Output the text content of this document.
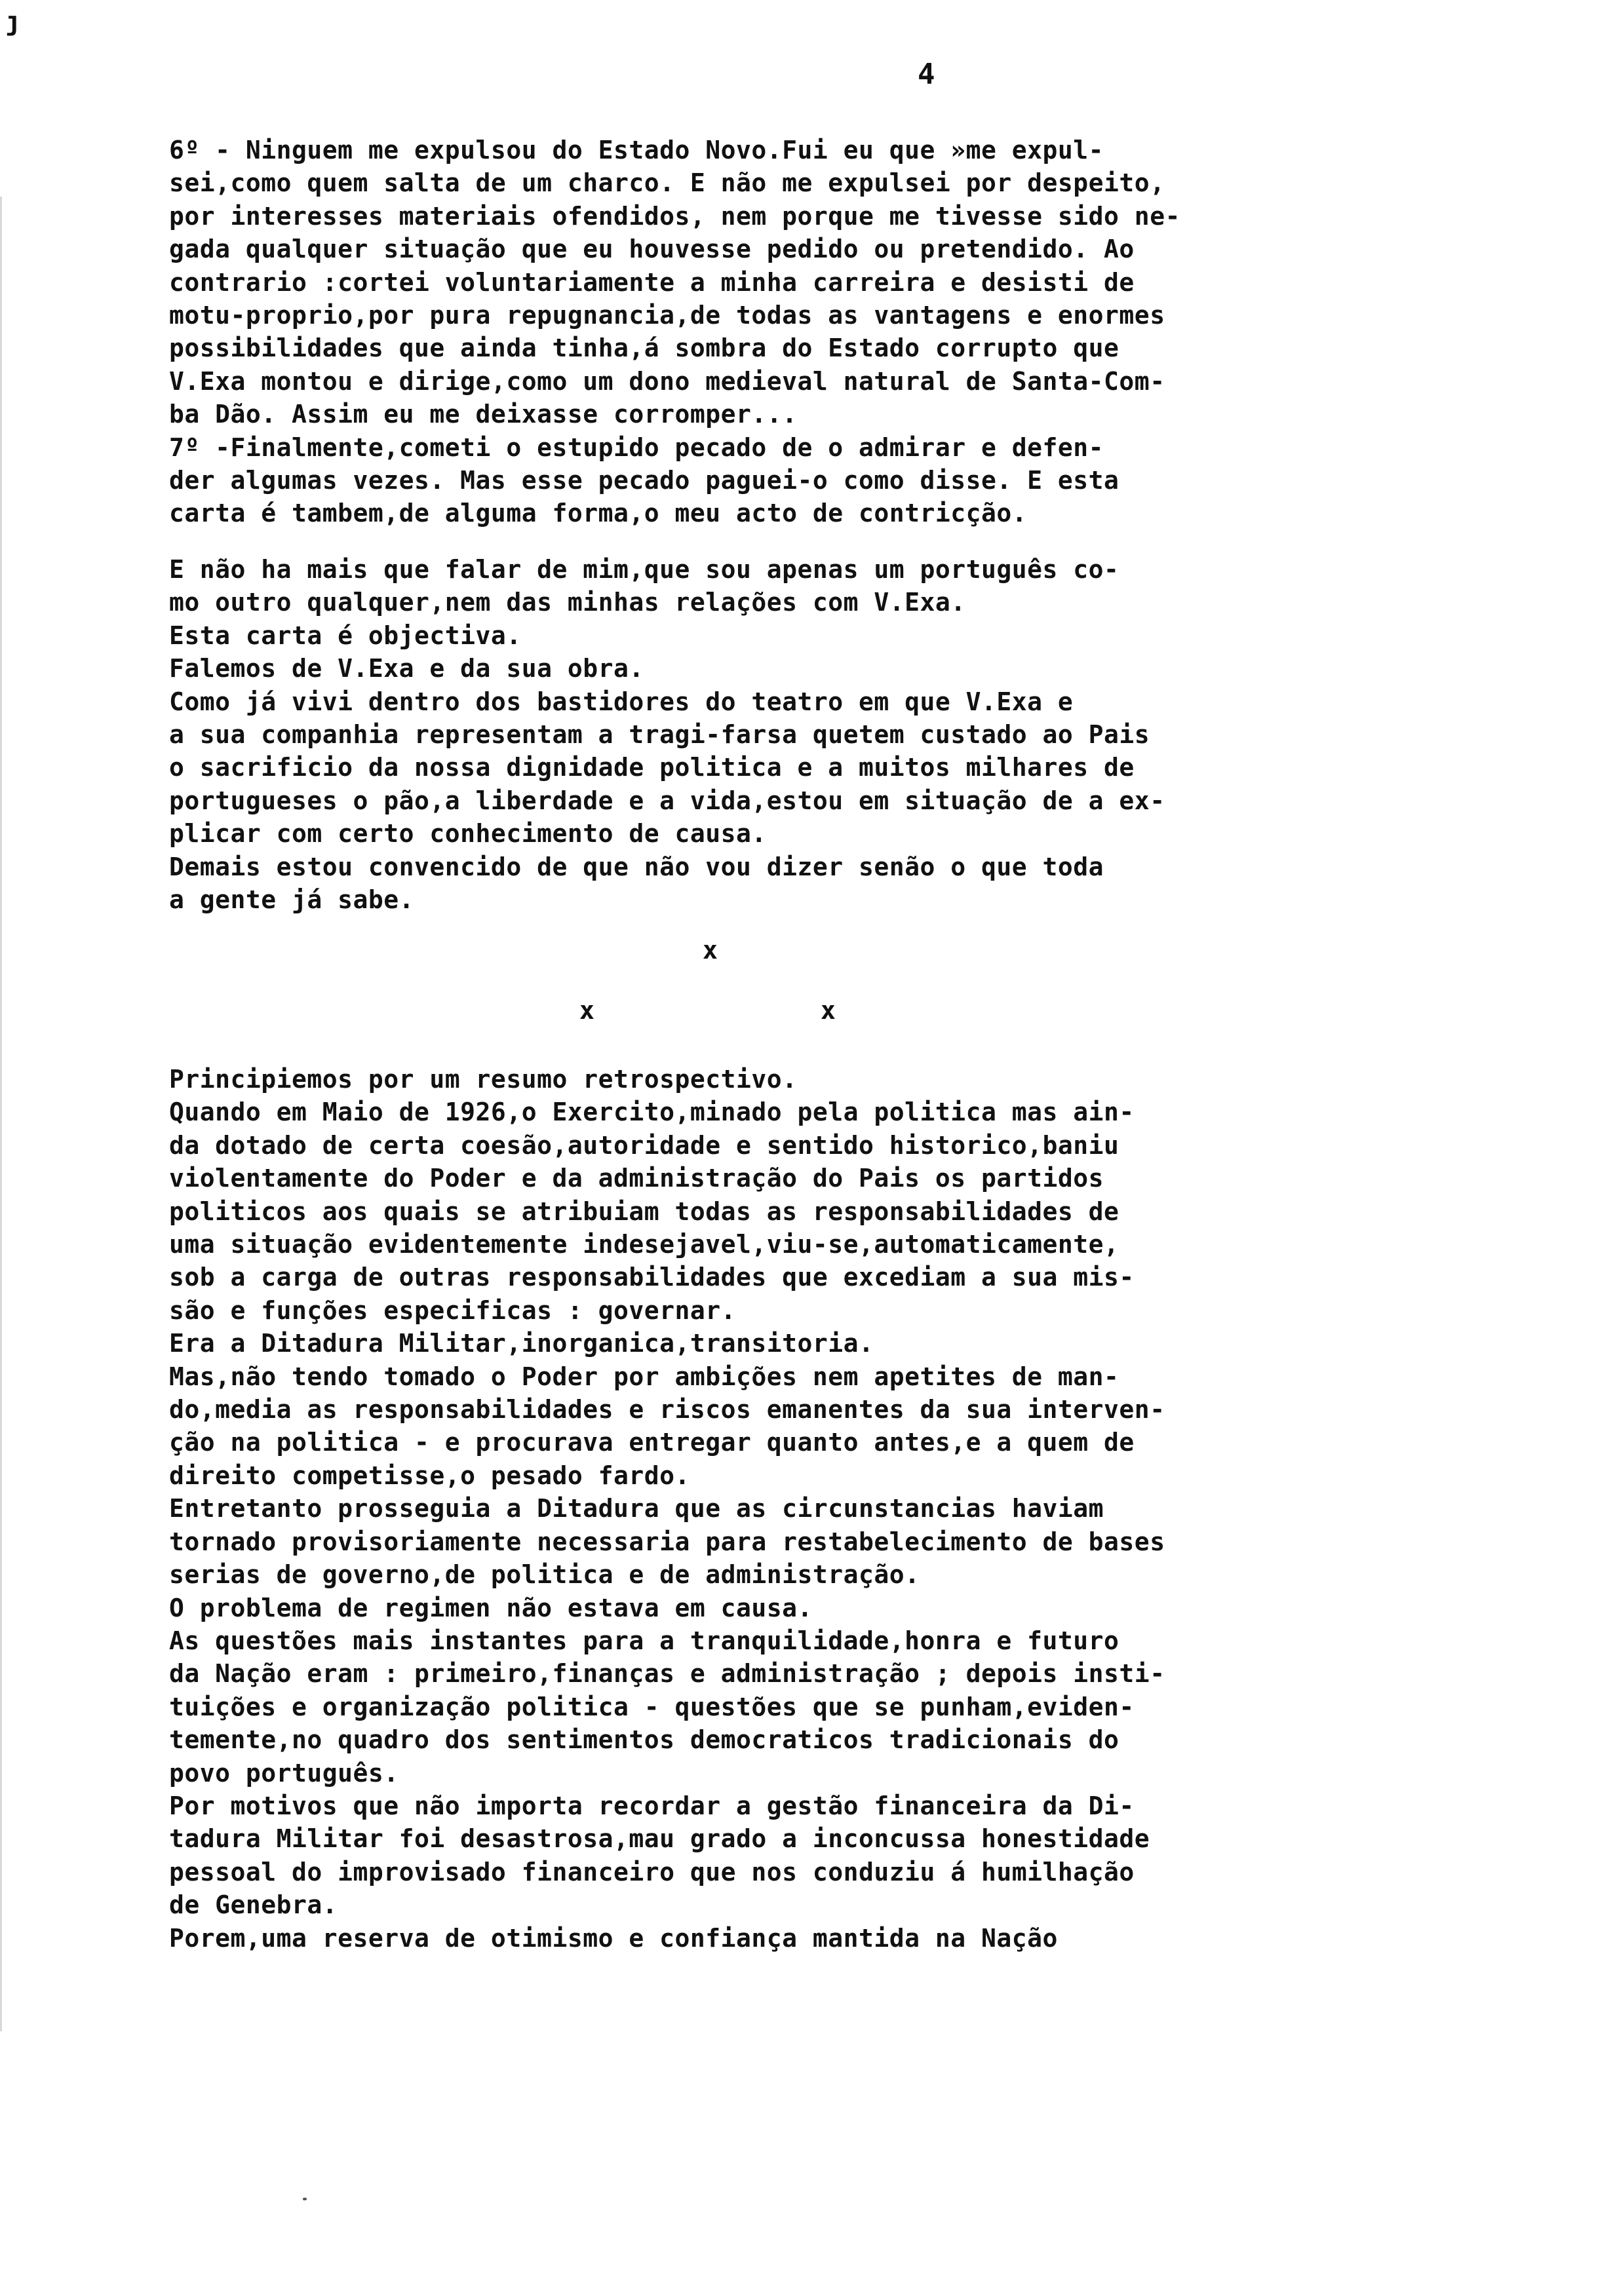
ȷ
4
6º - Ninguem me expulsou do Estado Novo.Fui eu que »me expul-
sei,como quem salta de um charco. E não me expulsei por despeito,
por interesses materiais ofendidos, nem porque me tivesse sido ne-
gada qualquer situação que eu houvesse pedido ou pretendido. Ao
contrario :cortei voluntariamente a minha carreira e desisti de
motu-proprio,por pura repugnancia,de todas as vantagens e enormes
possibilidades que ainda tinha,á sombra do Estado corrupto que
V.Exa montou e dirige,como um dono medieval natural de Santa-Com-
ba Dão. Assim eu me deixasse corromper...
7º -Finalmente,cometi o estupido pecado de o admirar e defen-
der algumas vezes. Mas esse pecado paguei-o como disse. E esta
carta é tambem,de alguma forma,o meu acto de contricção.
E não ha mais que falar de mim,que sou apenas um português co-
mo outro qualquer,nem das minhas relações com V.Exa.
Esta carta é objectiva.
Falemos de V.Exa e da sua obra.
Como já vivi dentro dos bastidores do teatro em que V.Exa e
a sua companhia representam a tragi-farsa quetem custado ao Pais
o sacrificio da nossa dignidade politica e a muitos milhares de
portugueses o pão,a liberdade e a vida,estou em situação de a ex-
plicar com certo conhecimento de causa.
Demais estou convencido de que não vou dizer senão o que toda
a gente já sabe.
x
x	x
Principiemos por um resumo retrospectivo.
Quando em Maio de 1926,o Exercito,minado pela politica mas ain-
da dotado de certa coesão,autoridade e sentido historico,baniu
violentamente do Poder e da administração do Pais os partidos
politicos aos quais se atribuiam todas as responsabilidades de
uma situação evidentemente indesejavel,viu-se,automaticamente,
sob a carga de outras responsabilidades que excediam a sua mis-
são e funções especificas : governar.
Era a Ditadura Militar,inorganica,transitoria.
Mas,não tendo tomado o Poder por ambições nem apetites de man-
do,media as responsabilidades e riscos emanentes da sua interven-
ção na politica - e procurava entregar quanto antes,e a quem de
direito competisse,o pesado fardo.
Entretanto prosseguia a Ditadura que as circunstancias haviam
tornado provisoriamente necessaria para restabelecimento de bases
serias de governo,de politica e de administração.
O problema de regimen não estava em causa.
As questões mais instantes para a tranquilidade,honra e futuro
da Nação eram : primeiro,finanças e administração ; depois insti-
tuições e organização politica - questões que se punham,eviden-
temente,no quadro dos sentimentos democraticos tradicionais do
povo português.
Por motivos que não importa recordar a gestão financeira da Di-
tadura Militar foi desastrosa,mau grado a inconcussa honestidade
pessoal do improvisado financeiro que nos conduziu á humilhação
de Genebra.
Porem,uma reserva de otimismo e confiança mantida na Nação
